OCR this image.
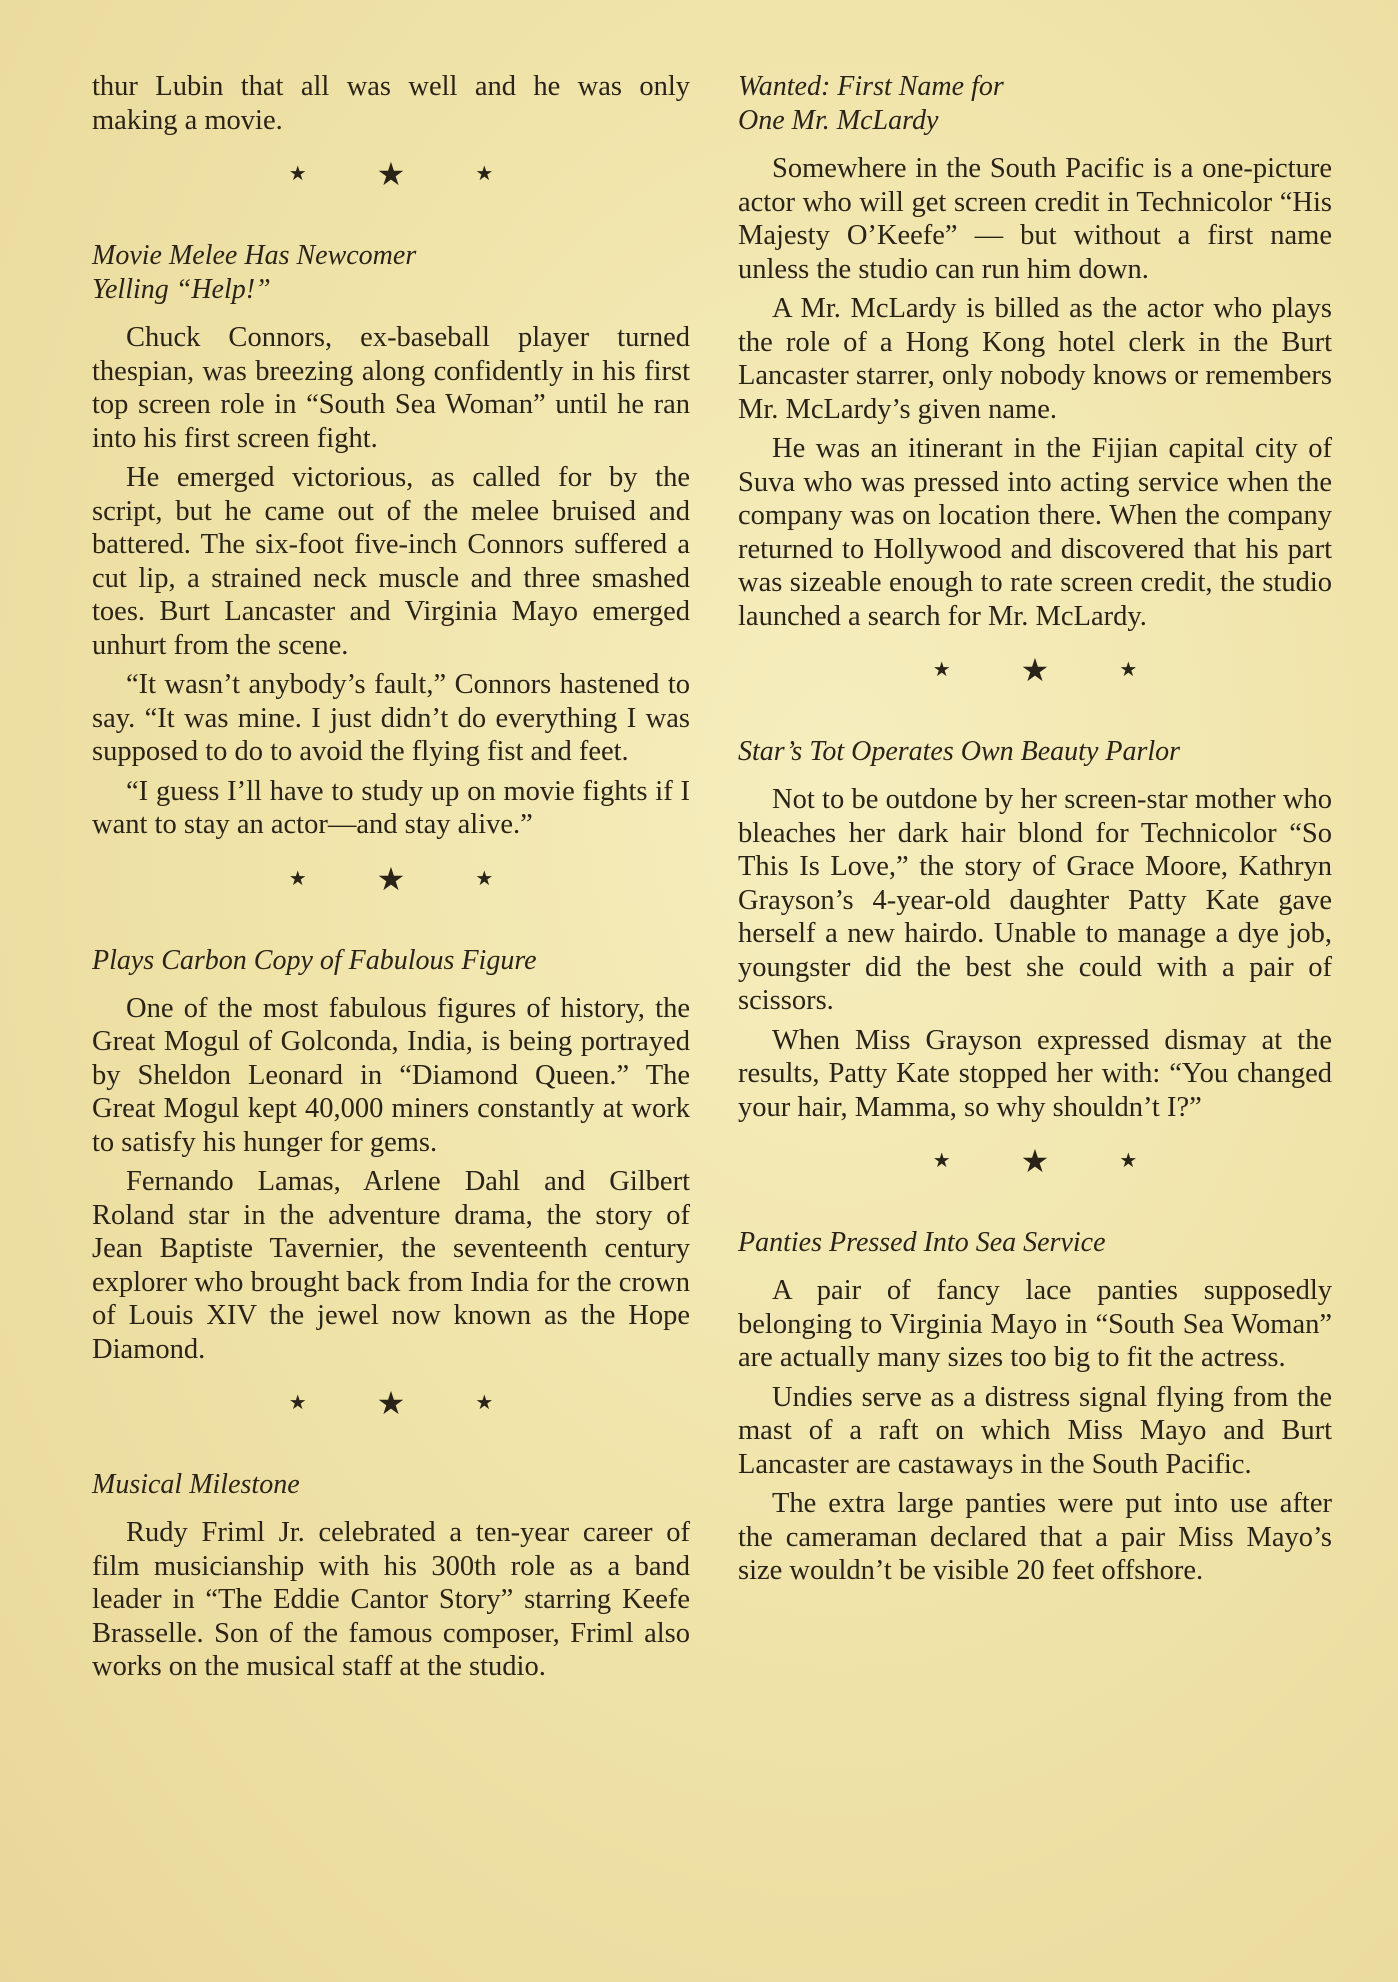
thur Lubin that all was well and he was only making a movie.

★ ★	★
Movie Melee Has Newcomer
Yelling “Help!”

Chuck Connors, ex-baseball player turned thespian, was breezing along confidently in his first top screen role in “South Sea Woman” until he ran into his first screen fight.

He emerged victorious, as called for by the script, but he came out of the melee bruised and battered. The six-foot five-inch Connors suffered a cut lip, a strained neck muscle and three smashed toes. Burt Lancaster and Virginia Mayo emerged unhurt from the scene.

“It wasn’t anybody’s fault,” Connors hastened to say. “It was mine. I just didn’t do everything I was supposed to do to avoid the flying fist and feet.

“I guess I’ll have to study up on movie fights if I want to stay an actor—and stay alive.”

★ ★	★
Plays Carbon Copy of Fabulous Figure

One of the most fabulous figures of history, the Great Mogul of Golconda, India, is being portrayed by Sheldon Leonard in “Diamond Queen.” The Great Mogul kept 40,000 miners constantly at work to satisfy his hunger for gems.

Fernando Lamas, Arlene Dahl and Gilbert Roland star in the adventure drama, the story of Jean Baptiste Tavernier, the seventeenth century explorer who brought back from India for the crown of Louis XIV the jewel now known as the Hope Diamond.

★ ★	★
Musical Milestone

Rudy Friml Jr. celebrated a ten-year career of film musicianship with his 300th role as a band leader in “The Eddie Cantor Story” starring Keefe Brasselle. Son of the famous composer, Friml also works on the musical staff at the studio.

Wanted: First Name for
One Mr. McLardy

Somewhere in the South Pacific is a one-picture actor who will get screen credit in Technicolor “His Majesty O’Keefe” — but without a first name unless the studio can run him down.

A Mr. McLardy is billed as the actor who plays the role of a Hong Kong hotel clerk in the Burt Lancaster starrer, only nobody knows or remembers Mr. McLardy’s given name.

He was an itinerant in the Fijian capital city of Suva who was pressed into acting service when the company was on location there. When the company returned to Hollywood and discovered that his part was sizeable enough to rate screen credit, the studio launched a search for Mr. McLardy.

★ ★	★
Star’s Tot Operates Own Beauty Parlor

Not to be outdone by her screen-star mother who bleaches her dark hair blond for Technicolor “So This Is Love,” the story of Grace Moore, Kathryn Grayson’s 4-year-old daughter Patty Kate gave herself a new hairdo. Unable to manage a dye job, youngster did the best she could with a pair of scissors.

When Miss Grayson expressed dismay at the results, Patty Kate stopped her with: “You changed your hair, Mamma, so why shouldn’t I?”

★ ★	★
Panties Pressed Into Sea Service

A pair of fancy lace panties supposedly belonging to Virginia Mayo in “South Sea Woman” are actually many sizes too big to fit the actress.

Undies serve as a distress signal flying from the mast of a raft on which Miss Mayo and Burt Lancaster are castaways in the South Pacific.

The extra large panties were put into use after the cameraman declared that a pair Miss Mayo’s size wouldn’t be visible 20 feet offshore.
